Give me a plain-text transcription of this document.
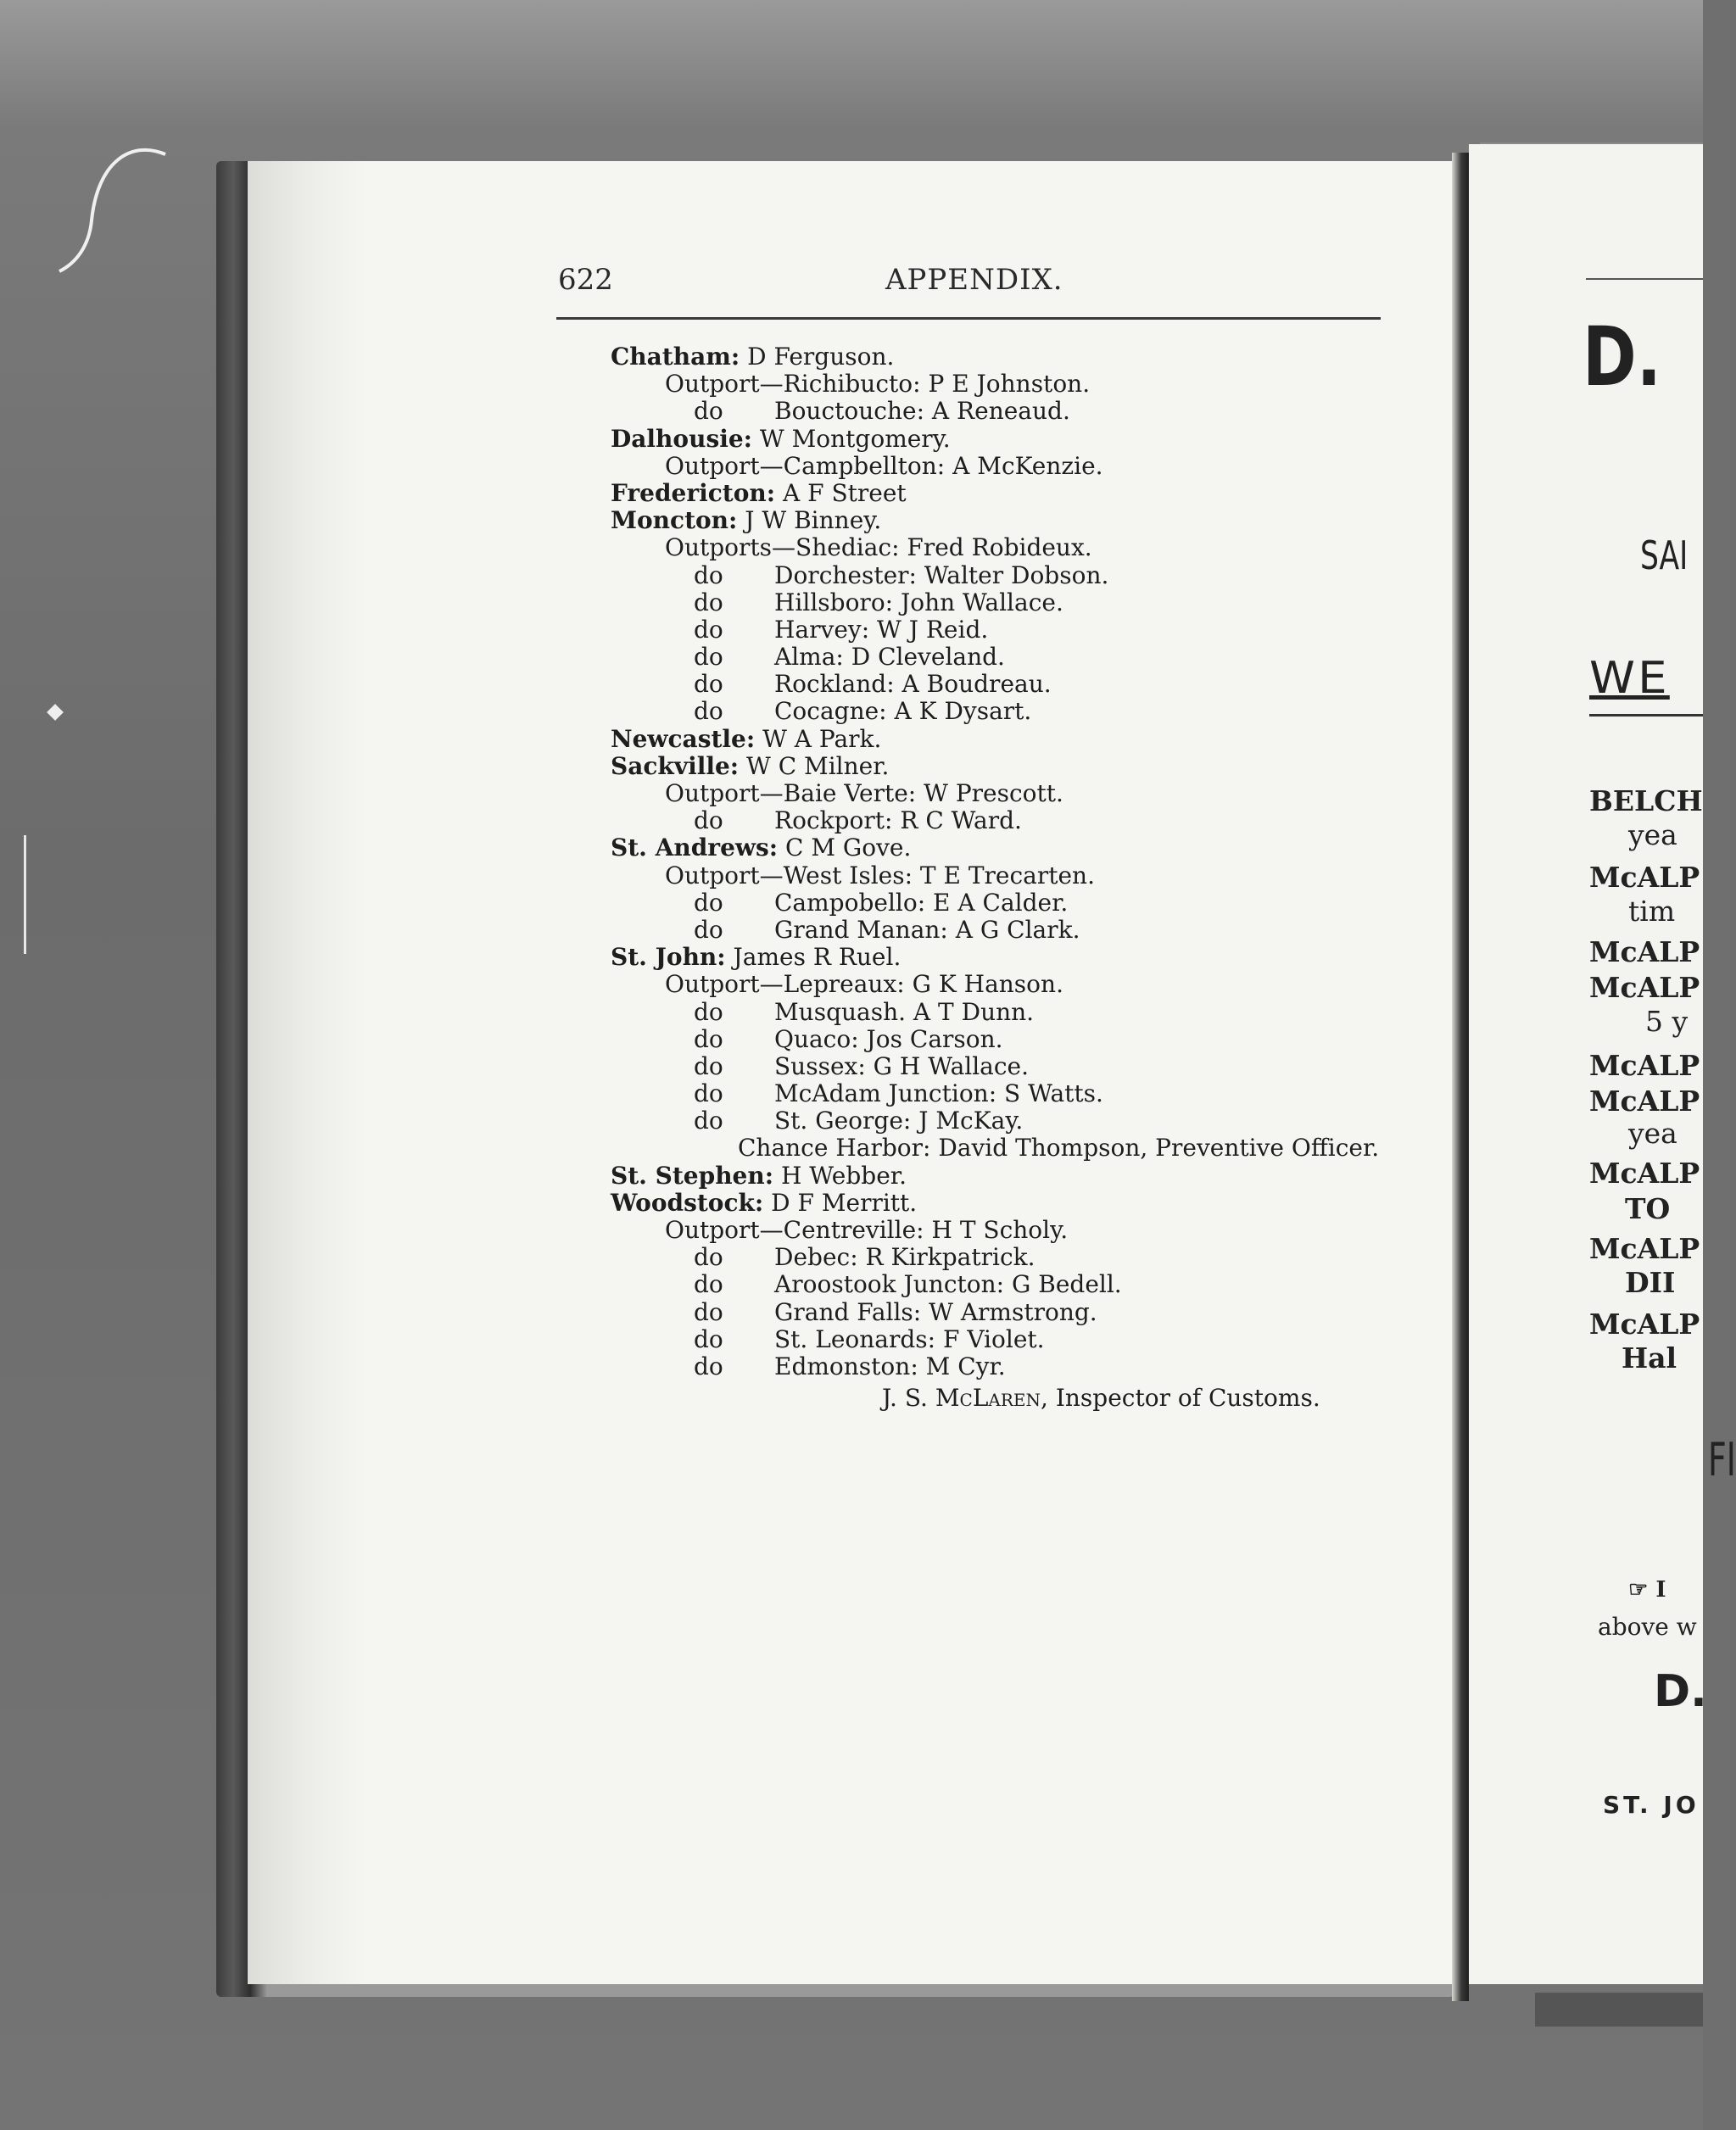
622	APPENDIX.
Chatham: D Ferguson.
Outport—Richibucto: P E Johnston.
do Bouctouche: A Reneaud.
Dalhousie: W Montgomery.
Outport—Campbellton: A McKenzie.
Fredericton: A F Street
Moncton: J W Binney.
Outports—Shediac: Fred Robideux.
do Dorchester: Walter Dobson.
do Hillsboro: John Wallace.
do Harvey: W J Reid.
do Alma: D Cleveland.
do Rockland: A Boudreau.
do Cocagne: A K Dysart.
Newcastle: W A Park.
Sackville: W C Milner.
Outport—Baie Verte: W Prescott.
do Rockport: R C Ward.
St. Andrews: C M Gove.
Outport—West Isles: T E Trecarten.
do Campobello: E A Calder.
do Grand Manan: A G Clark.
St. John: James R Ruel.
Outport—Lepreaux: G K Hanson.
do Musquash. A T Dunn.
do Quaco: Jos Carson.
do Sussex: G H Wallace.
do McAdam Junction: S Watts.
do St. George: J McKay.
Chance Harbor: David Thompson, Preventive Officer.
St. Stephen: H Webber.
Woodstock: D F Merritt.
Outport—Centreville: H T Scholy.
do Debec: R Kirkpatrick.
do Aroostook Juncton: G Bedell.
do Grand Falls: W Armstrong.
do St. Leonards: F Violet.
do Edmonston: M Cyr.
J. S. McLaren, Inspector of Customs.
D.
SAI
WE
BELCH
yea
McALP
tim
McALP
McALP
5 y
McALP
McALP
yea
McALP
TO
McALP
DII
McALP
Hal
FI
☞ I
above w
D.
ST. JO
